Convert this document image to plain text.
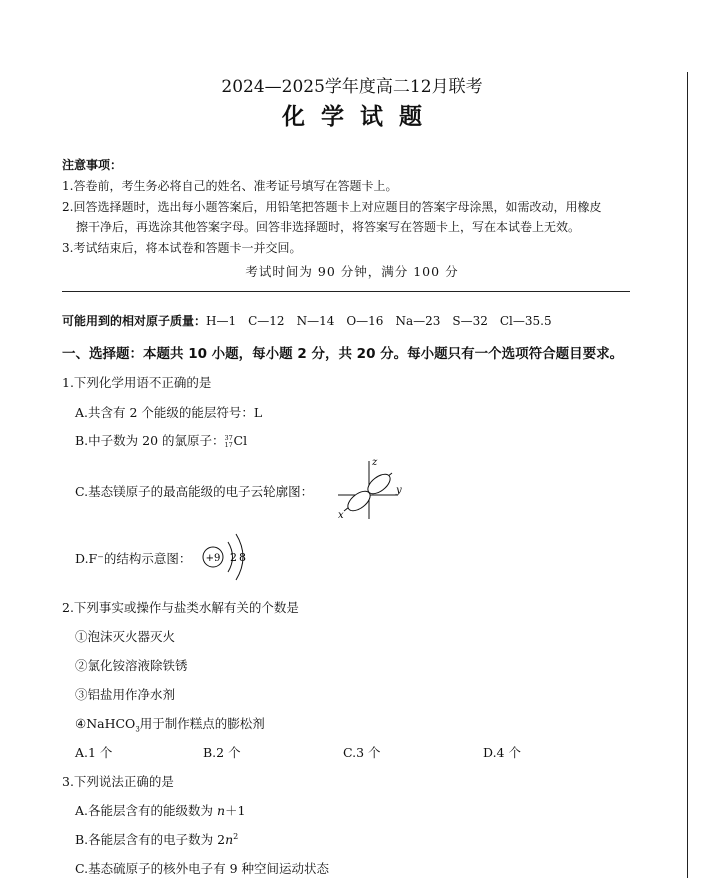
2024—2025学年度高二12月联考
化学试题
注意事项：
1.答卷前，考生务必将自己的姓名、准考证号填写在答题卡上。
2.回答选择题时，选出每小题答案后，用铅笔把答题卡上对应题目的答案字母涂黑，如需改动，用橡皮
擦干净后，再选涂其他答案字母。回答非选择题时，将答案写在答题卡上，写在本试卷上无效。
3.考试结束后，将本试卷和答题卡一并交回。
考试时间为 90 分钟，满分 100 分
可能用到的相对原子质量：H—1　C—12　N—14　O—16　Na—23　S—32　Cl—35.5
一、选择题：本题共 10 小题，每小题 2 分，共 20 分。每小题只有一个选项符合题目要求。
1.下列化学用语不正确的是
A.共含有 2 个能级的能层符号：L
B.中子数为 20 的氯原子： 37
17 Cl
C.基态镁原子的最高能级的电子云轮廓图：
z
y
x
D.F⁻的结构示意图： +9 2 8
2.下列事实或操作与盐类水解有关的个数是
①泡沫灭火器灭火
②氯化铵溶液除铁锈
③铝盐用作净水剂
④NaHCO$_3$用于制作糕点的膨松剂
A.1 个	B.2 个	C.3 个	D.4 个
3.下列说法正确的是
A.各能层含有的能级数为 n＋1
B.各能层含有的电子数为 $2n^2$
C.基态硫原子的核外电子有 9 种空间运动状态
